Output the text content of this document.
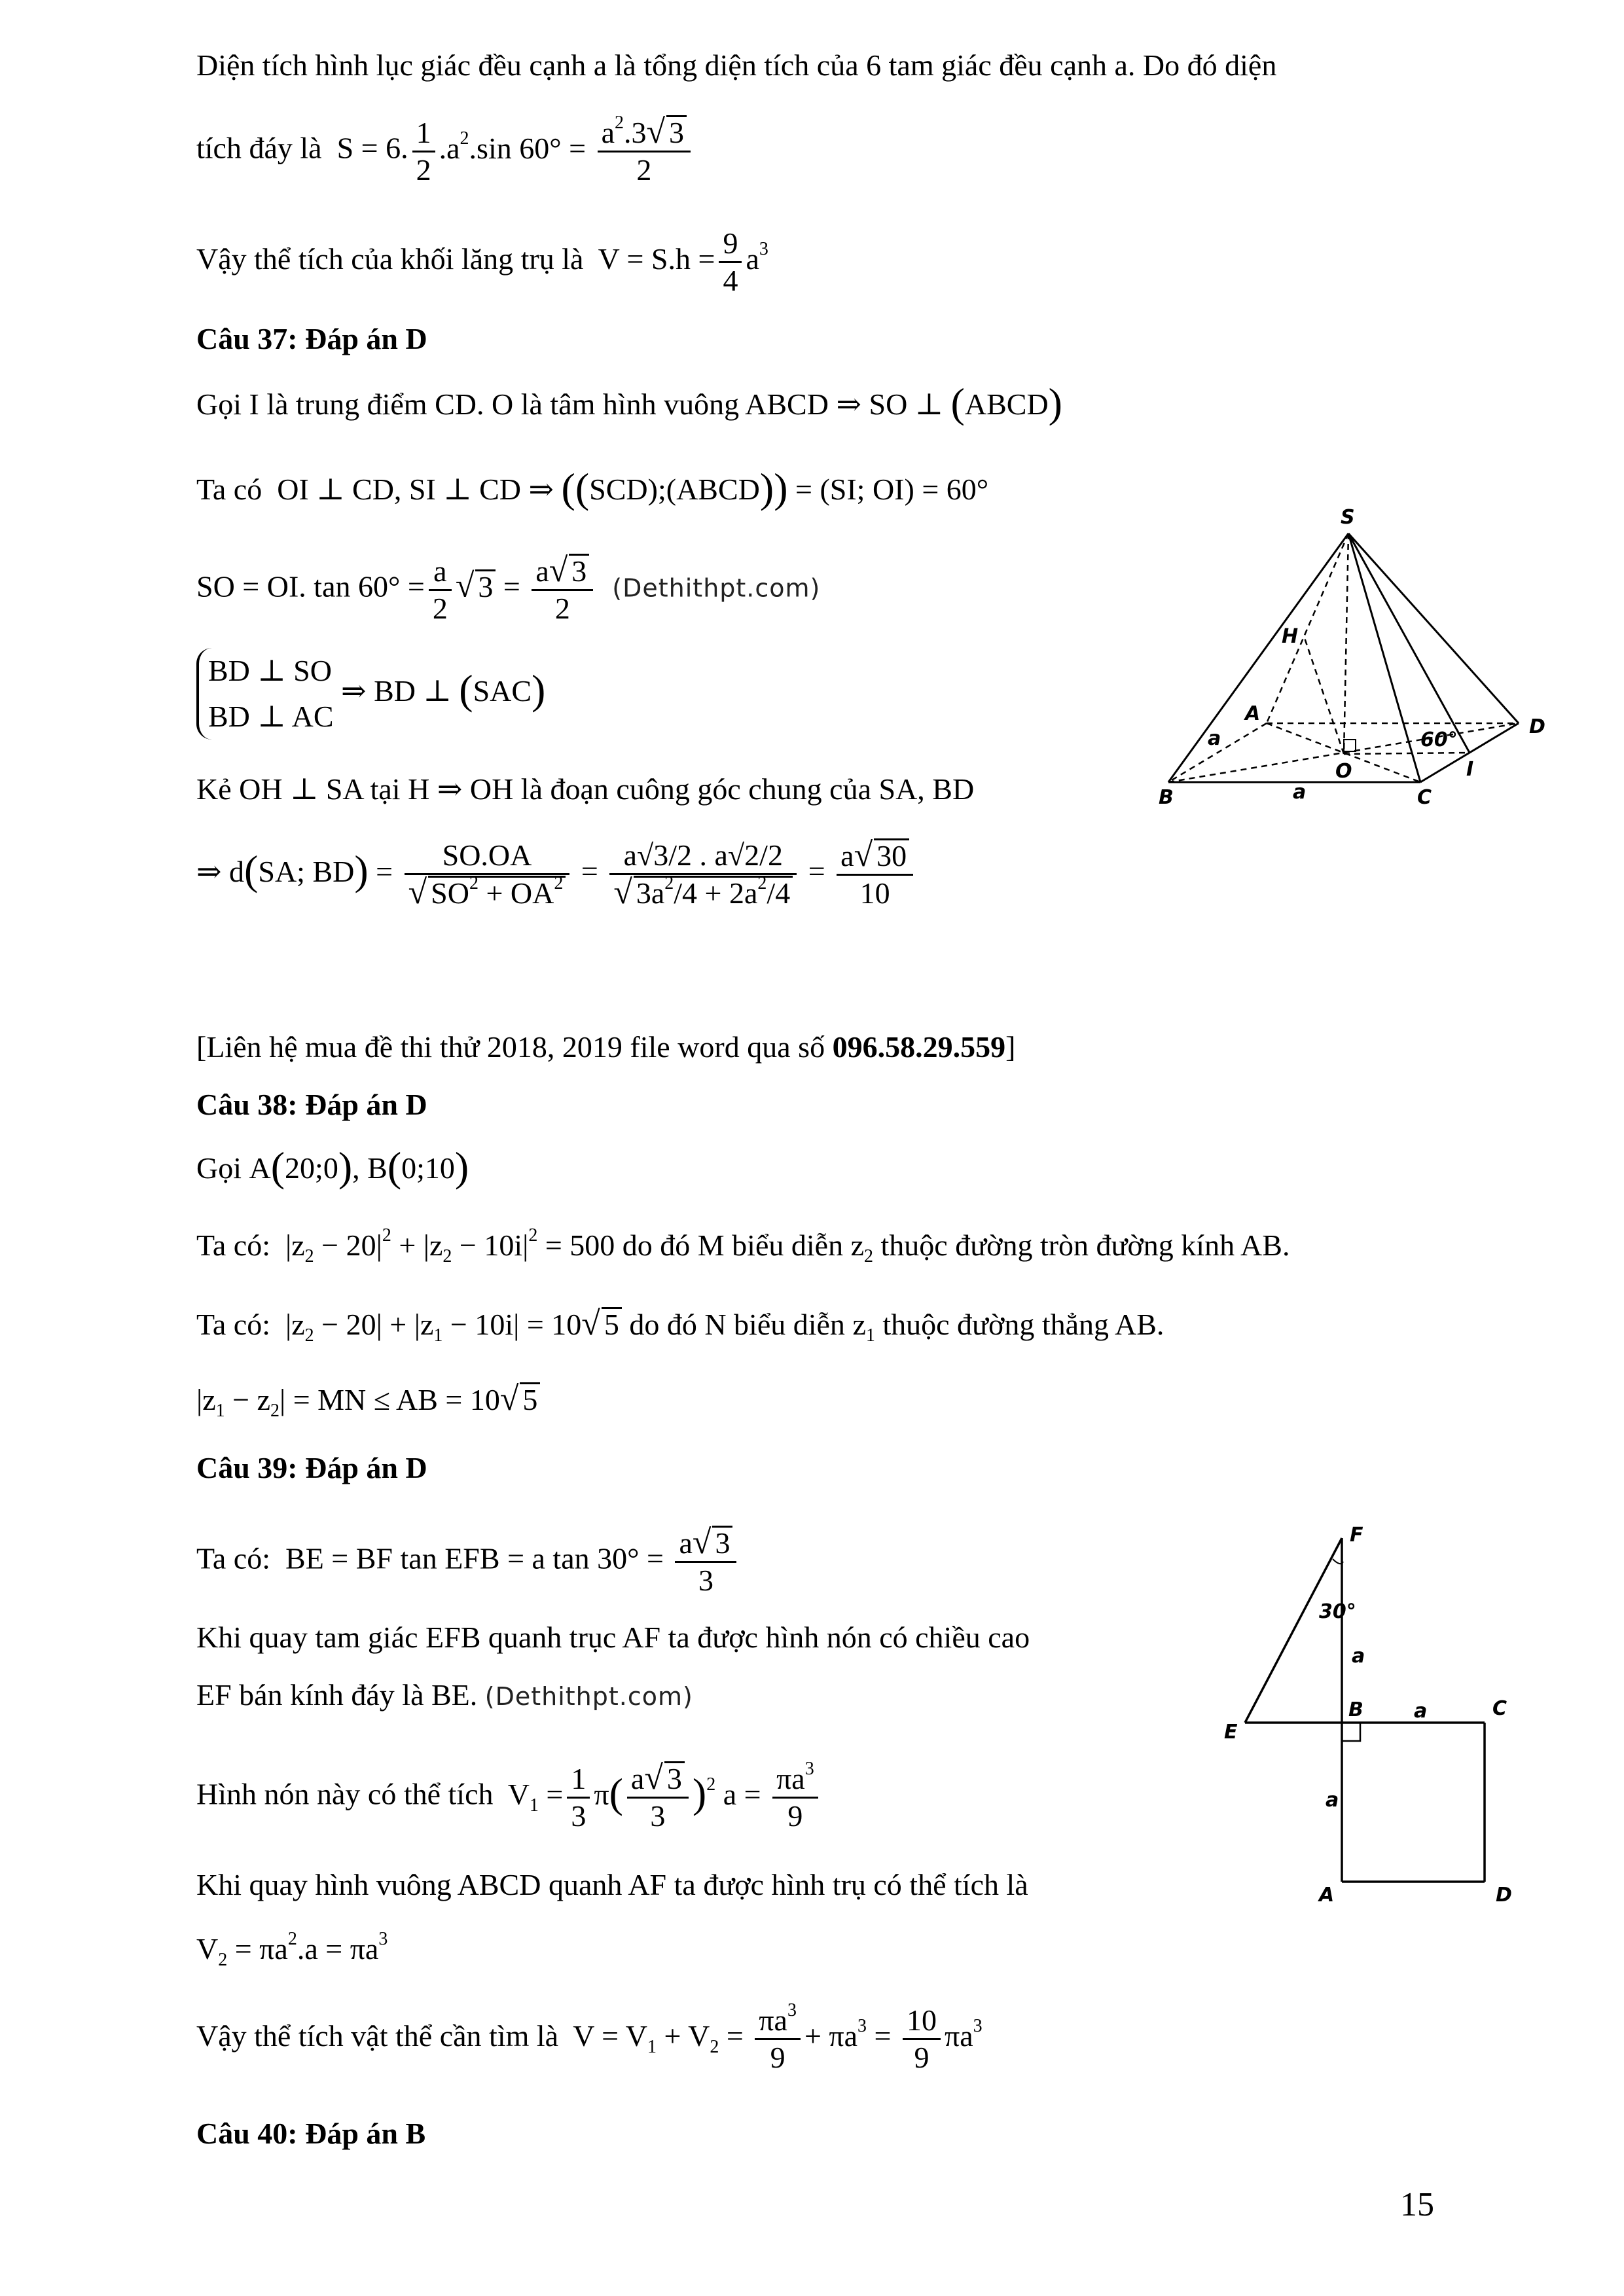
Diện tích hình lục giác đều cạnh a là tổng diện tích của 6 tam giác đều cạnh a. Do đó diện
tích đáy là S = 6. $\frac{1}{2} .a^2.\sin$ $60^\circ = \frac{a^2.3√ 3}{2}$
Vậy thể tích của khối lăng trụ là $V = S.h = \frac{9}{4} a^3$
Câu 37: Đáp án D
Gọi I là trung điểm CD. O là tâm hình vuông ABCD ⇒ SO ⊥ (ABCD)
Ta có OI ⊥ CD, SI ⊥ CD ⇒ ((SCD);(ABCD)) = (SI; OI) = 60°
SO = OI. $\tan 60^\circ = \frac{a}{2}$ √ $3 = \frac{a√ 3}{2}$ (Dethithpt.com)
BD ⊥ SO
BD ⊥ AC
⇒ BD ⊥ (SAC)
Kẻ OH ⊥ SA tại H ⇒ OH là đoạn cuông góc chung của SA, BD
⇒ d(SA; $BD) = \frac{SO.OA}{√ SO^2 + OA^2} = \frac{a√3/2 . a√2/2}{√ 3a^2/4 + 2a^2/4} = \frac{a√ 30}{10}$
[Liên hệ mua đề thi thử 2018, 2019 file word qua số 096.58.29.559]
Câu 38: Đáp án D
Gọi A(20;0), B(0;10)
Ta có: $|z_2 - 20|^2 + |z_2 - 10i|^2 = 500$ do đó M biểu diễn $z_2$ thuộc đường tròn đường kính AB.
Ta có: $|z_2 - 20| + |z_1 - 10i| = 10√$ 5 do đó N biểu diễn $z_1$ thuộc đường thẳng AB.
$|z_1 - z_2|$ = MN ≤ AB = 10√ 5
Câu 39: Đáp án D
Ta có: BE = BF tan EFB = a $\tan 30^\circ = \frac{a√ 3}{3}$
Khi quay tam giác EFB quanh trục AF ta được hình nón có chiều cao
EF bán kính đáy là BE. (Dethithpt.com)
Hình nón này có thể tích $V_1 = \frac{1}{3} \pi( \frac{a√ 3}{3} )^2$ $a = \frac{\pi a^3}{9}$
Khi quay hình vuông ABCD quanh AF ta được hình trụ có thể tích là
$V_2 = \pi a^2.a = \pi a^3$
Vậy thể tích vật thể cần tìm là $V = V_1 + V_2 = \frac{\pi a^3}{9} + \pi a^3 = \frac{10}{9} \pi a^3$
Câu 40: Đáp án B
15
S
H
A
O
D
I
B	C
a
a
60°
F
30°
a
B	a	C
E
a
A	D
